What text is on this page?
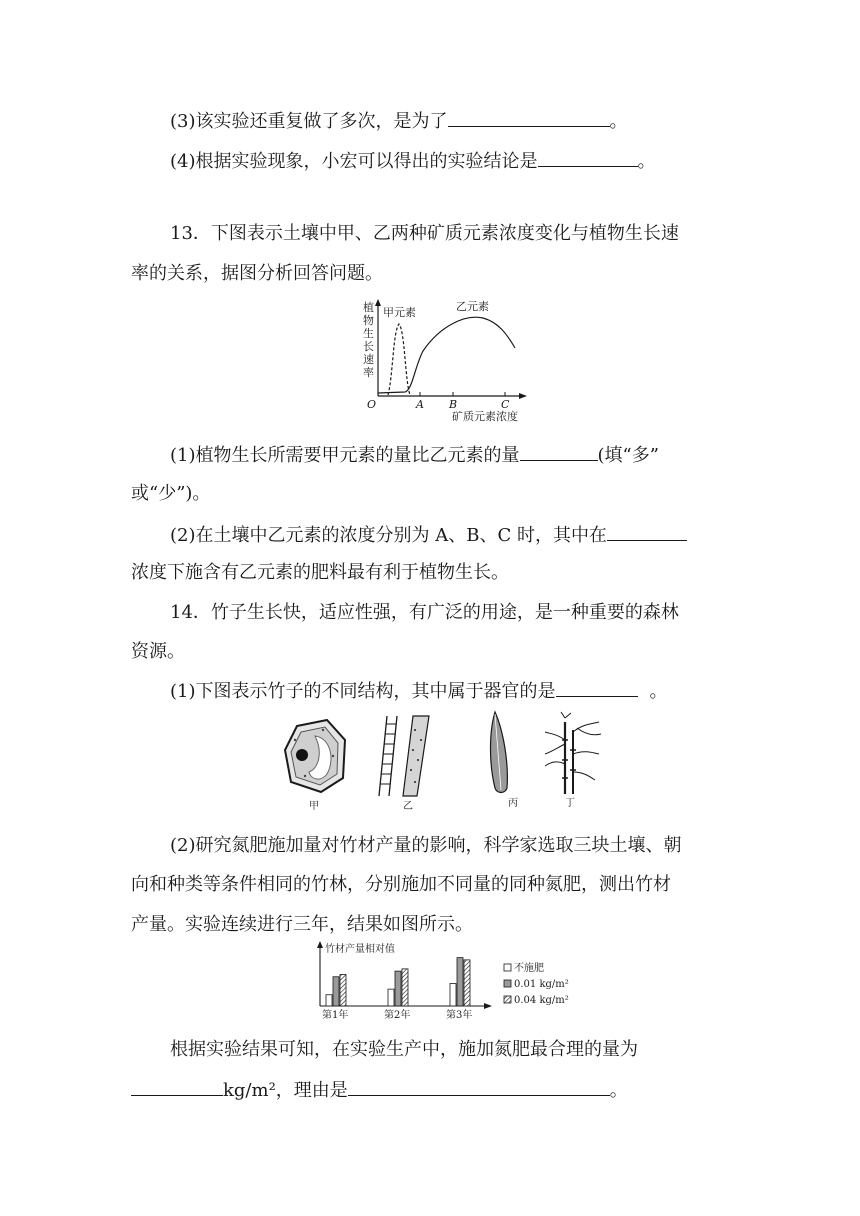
(3)该实验还重复做了多次，是为了	。
(4)根据实验现象，小宏可以得出的实验结论是	。
13．下图表示土壤中甲、乙两种矿质元素浓度变化与植物生长速
率的关系，据图分析回答问题。
植
物
生
长
速
率
O	A B	C
矿质元素浓度
甲元素	乙元素
(1)植物生长所需要甲元素的量比乙元素的量	(填“多”
或“少”)。
(2)在土壤中乙元素的浓度分别为 A、B、C 时，其中在
浓度下施含有乙元素的肥料最有利于植物生长。
14．竹子生长快，适应性强，有广泛的用途，是一种重要的森林
资源。
(1)下图表示竹子的不同结构，其中属于器官的是	。
甲	乙	丙	丁
(2)研究氮肥施加量对竹材产量的影响，科学家选取三块土壤、朝
向和种类等条件相同的竹林，分别施加不同量的同种氮肥，测出竹材
产量。实验连续进行三年，结果如图所示。
竹材产量相对值
第1年	第2年	第3年
不施肥
0.01 kg/m²
0.04 kg/m²
根据实验结果可知，在实验生产中，施加氮肥最合理的量为
kg/m²，理由是	。
